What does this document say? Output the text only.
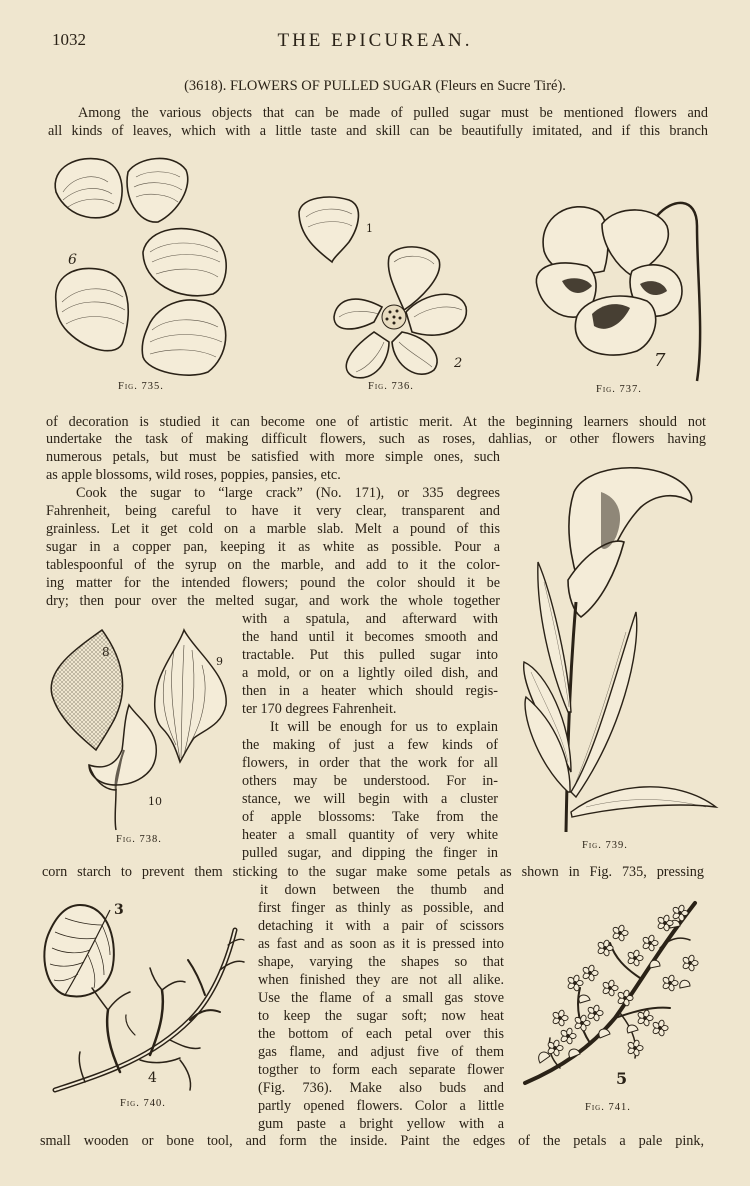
1032	THE EPICUREAN.
(3618). FLOWERS OF PULLED SUGAR (Fleurs en Sucre Tiré).
Among the various objects that can be made of pulled sugar must be mentioned flowers and
all kinds of leaves, which with a little taste and skill can be beautifully imitated, and if this branch
6
Fig. 735.
1
2
Fig. 736.
7
Fig. 737.
of decoration is studied it can become one of artistic merit. At the beginning learners should not
undertake the task of making difficult flowers, such as roses, dahlias, or other flowers having
numerous petals, but must be satisfied with more simple ones, such
as apple blossoms, wild roses, poppies, pansies, etc.
Cook the sugar to “large crack” (No. 171), or 335 degrees
Fahrenheit, being careful to have it very clear, transparent and
grainless. Let it get cold on a marble slab. Melt a pound of this
sugar in a copper pan, keeping it as white as possible. Pour a
tablespoonful of the syrup on the marble, and add to it the color-
ing matter for the intended flowers; pound the color should it be
dry; then pour over the melted sugar, and work the whole together
Fig. 739.
with a spatula, and afterward with
the hand until it becomes smooth and
tractable. Put this pulled sugar into
a mold, or on a lightly oiled dish, and
then in a heater which should regis-
ter 170 degrees Fahrenheit.
It will be enough for us to explain
the making of just a few kinds of
flowers, in order that the work for all
others may be understood. For in-
stance, we will begin with a cluster
of apple blossoms: Take from the
heater a small quantity of very white
pulled sugar, and dipping the finger in
8
9
10
Fig. 738.
corn starch to prevent them sticking to the sugar make some petals as shown in Fig. 735, pressing
it down between the thumb and
first finger as thinly as possible, and
detaching it with a pair of scissors
as fast and as soon as it is pressed into
shape, varying the shapes so that
when finished they are not all alike.
Use the flame of a small gas stove
to keep the sugar soft; now heat
the bottom of each petal over this
gas flame, and adjust five of them
togther to form each separate flower
(Fig. 736). Make also buds and
partly opened flowers. Color a little
gum paste a bright yellow with a
3
4
Fig. 740.
5
Fig. 741.
small wooden or bone tool, and form the inside. Paint the edges of the petals a pale pink,
